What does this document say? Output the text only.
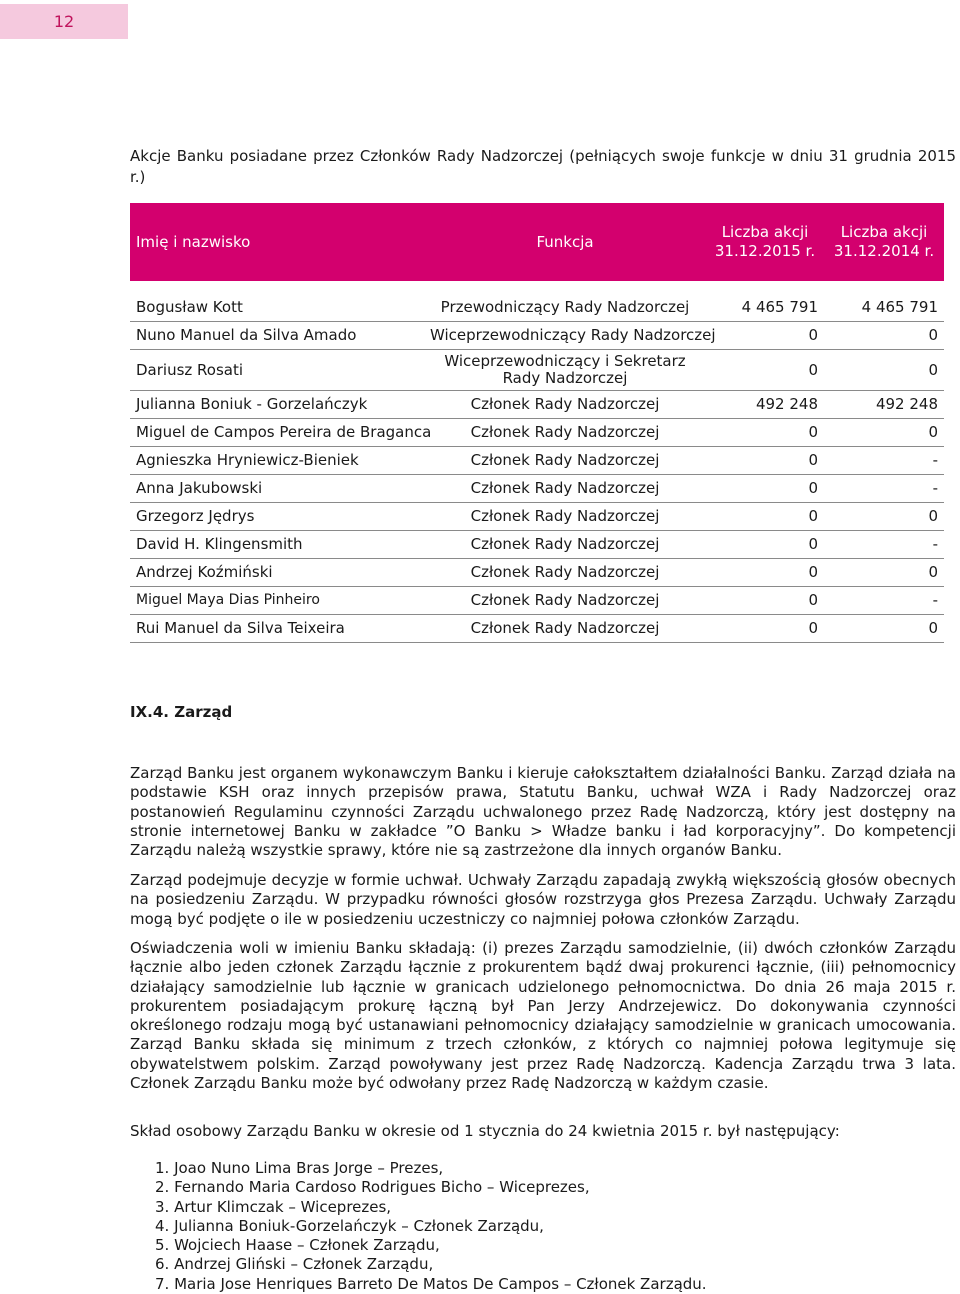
12
Akcje Banku posiadane przez Członków Rady Nadzorczej (pełniących swoje funkcje w dniu 31 grudnia 2015 r.)
Imię i nazwisko	Funkcja	Liczba akcji 31.12.2015 r.	Liczba akcji 31.12.2014 r.

Bogusław Kott	Przewodniczący Rady Nadzorczej	4 465 791	4 465 791
Nuno Manuel da Silva Amado	Wiceprzewodniczący Rady Nadzorczej	0	0
Dariusz Rosati	Wiceprzewodniczący i Sekretarz Rady Nadzorczej	0	0
Julianna Boniuk - Gorzelańczyk	Członek Rady Nadzorczej	492 248	492 248
Miguel de Campos Pereira de Braganca	Członek Rady Nadzorczej	0	0
Agnieszka Hryniewicz-Bieniek	Członek Rady Nadzorczej	0	-
Anna Jakubowski	Członek Rady Nadzorczej	0	-
Grzegorz Jędrys	Członek Rady Nadzorczej	0	0
David H. Klingensmith	Członek Rady Nadzorczej	0	-
Andrzej Koźmiński	Członek Rady Nadzorczej	0	0
Miguel Maya Dias Pinheiro	Członek Rady Nadzorczej	0	-
Rui Manuel da Silva Teixeira	Członek Rady Nadzorczej	0	0
IX.4. Zarząd

Zarząd Banku jest organem wykonawczym Banku i kieruje całokształtem działalności Banku. Zarząd działa na podstawie KSH oraz innych przepisów prawa, Statutu Banku, uchwał WZA i Rady Nadzorczej oraz postanowień Regulaminu czynności Zarządu uchwalonego przez Radę Nadzorczą, który jest dostępny na stronie internetowej Banku w zakładce ”O Banku > Władze banku i ład korporacyjny”. Do kompetencji Zarządu należą wszystkie sprawy, które nie są zastrzeżone dla innych organów Banku.

Zarząd podejmuje decyzje w formie uchwał. Uchwały Zarządu zapadają zwykłą większością głosów obecnych na posiedzeniu Zarządu. W przypadku równości głosów rozstrzyga głos Prezesa Zarządu. Uchwały Zarządu mogą być podjęte o ile w posiedzeniu uczestniczy co najmniej połowa członków Zarządu.

Oświadczenia woli w imieniu Banku składają: (i) prezes Zarządu samodzielnie, (ii) dwóch członków Zarządu łącznie albo jeden członek Zarządu łącznie z prokurentem bądź dwaj prokurenci łącznie, (iii) pełnomocnicy działający samodzielnie lub łącznie w granicach udzielonego pełnomocnictwa. Do dnia 26 maja 2015 r. prokurentem posiadającym prokurę łączną był Pan Jerzy Andrzejewicz. Do dokonywania czynności określonego rodzaju mogą być ustanawiani pełnomocnicy działający samodzielnie w granicach umocowania. Zarząd Banku składa się minimum z trzech członków, z których co najmniej połowa legitymuje się obywatelstwem polskim. Zarząd powoływany jest przez Radę Nadzorczą. Kadencja Zarządu trwa 3 lata. Członek Zarządu Banku może być odwołany przez Radę Nadzorczą w każdym czasie.

Skład osobowy Zarządu Banku w okresie od 1 stycznia do 24 kwietnia 2015 r. był następujący:

1. Joao Nuno Lima Bras Jorge – Prezes,
2. Fernando Maria Cardoso Rodrigues Bicho – Wiceprezes,
3. Artur Klimczak – Wiceprezes,
4. Julianna Boniuk-Gorzelańczyk – Członek Zarządu,
5. Wojciech Haase – Członek Zarządu,
6. Andrzej Gliński – Członek Zarządu,
7. Maria Jose Henriques Barreto De Matos De Campos – Członek Zarządu.
